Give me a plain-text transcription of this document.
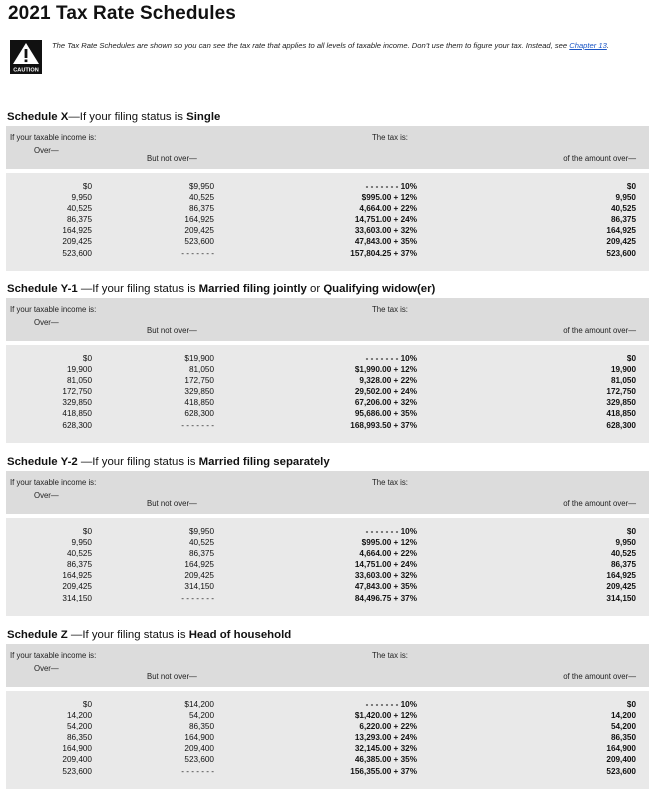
2021 Tax Rate Schedules
CAUTION
The Tax Rate Schedules are shown so you can see the tax rate that applies to all levels of taxable income. Don’t use them to figure your tax. Instead, see Chapter 13.
Schedule X—If your filing status is Single
If your taxable income is:
Over—
But not over—
The tax is:
of the amount over—
$0
9,950
40,525
86,375
164,925
209,425
523,600
$9,950
40,525
86,375
164,925
209,425
523,600
- - - - - - -
- - - - - - - 10%
$995.00 + 12%
4,664.00 + 22%
14,751.00 + 24%
33,603.00 + 32%
47,843.00 + 35%
157,804.25 + 37%
$0
9,950
40,525
86,375
164,925
209,425
523,600
Schedule Y-1 —If your filing status is Married filing jointly or Qualifying widow(er)
If your taxable income is:
Over—
But not over—
The tax is:
of the amount over—
$0
19,900
81,050
172,750
329,850
418,850
628,300
$19,900
81,050
172,750
329,850
418,850
628,300
- - - - - - -
- - - - - - - 10%
$1,990.00 + 12%
9,328.00 + 22%
29,502.00 + 24%
67,206.00 + 32%
95,686.00 + 35%
168,993.50 + 37%
$0
19,900
81,050
172,750
329,850
418,850
628,300
Schedule Y-2 —If your filing status is Married filing separately
If your taxable income is:
Over—
But not over—
The tax is:
of the amount over—
$0
9,950
40,525
86,375
164,925
209,425
314,150
$9,950
40,525
86,375
164,925
209,425
314,150
- - - - - - -
- - - - - - - 10%
$995.00 + 12%
4,664.00 + 22%
14,751.00 + 24%
33,603.00 + 32%
47,843.00 + 35%
84,496.75 + 37%
$0
9,950
40,525
86,375
164,925
209,425
314,150
Schedule Z —If your filing status is Head of household
If your taxable income is:
Over—
But not over—
The tax is:
of the amount over—
$0
14,200
54,200
86,350
164,900
209,400
523,600
$14,200
54,200
86,350
164,900
209,400
523,600
- - - - - - -
- - - - - - - 10%
$1,420.00 + 12%
6,220.00 + 22%
13,293.00 + 24%
32,145.00 + 32%
46,385.00 + 35%
156,355.00 + 37%
$0
14,200
54,200
86,350
164,900
209,400
523,600
